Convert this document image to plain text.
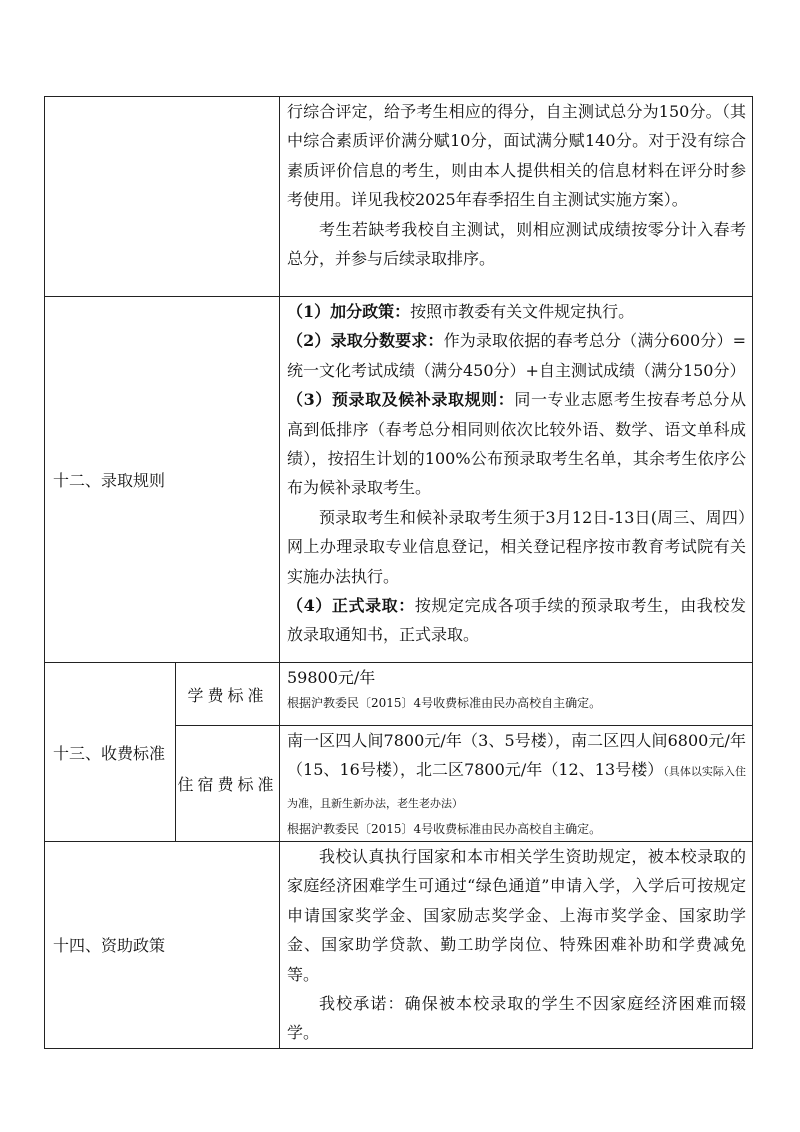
		行综合评定，给予考生相应的得分，自主测试总分为150分。（其中综合素质评价满分赋10分，面试满分赋140分。对于没有综合素质评价信息的考生，则由本人提供相关的信息材料在评分时参考使用。详见我校2025年春季招生自主测试实施方案）。

考生若缺考我校自主测试，则相应测试成绩按零分计入春考总分，并参与后续录取排序。

十二、录取规则		（1）加分政策：按照市教委有关文件规定执行。

（2）录取分数要求：作为录取依据的春考总分（满分600分）=统一文化考试成绩（满分450分）+自主测试成绩（满分150分）

（3）预录取及候补录取规则：同一专业志愿考生按春考总分从高到低排序（春考总分相同则依次比较外语、数学、语文单科成绩），按招生计划的100%公布预录取考生名单，其余考生依序公布为候补录取考生。

预录取考生和候补录取考生须于3月12日-13日(周三、周四）网上办理录取专业信息登记，相关登记程序按市教育考试院有关实施办法执行。

（4）正式录取：按规定完成各项手续的预录取考生，由我校发放录取通知书，正式录取。

十三、收费标准	学费标准	59800元/年

根据沪教委民〔2015〕4号收费标准由民办高校自主确定。

	住宿费标准	南一区四人间7800元/年（3、5号楼），南二区四人间6800元/年（15、16号楼），北二区7800元/年（12、13号楼）（具体以实际入住为准，且新生新办法，老生老办法）

根据沪教委民〔2015〕4号收费标准由民办高校自主确定。

十四、资助政策		我校认真执行国家和本市相关学生资助规定，被本校录取的家庭经济困难学生可通过“绿色通道”申请入学，入学后可按规定申请国家奖学金、国家励志奖学金、上海市奖学金、国家助学金、国家助学贷款、勤工助学岗位、特殊困难补助和学费减免等。

我校承诺：确保被本校录取的学生不因家庭经济困难而辍学。
